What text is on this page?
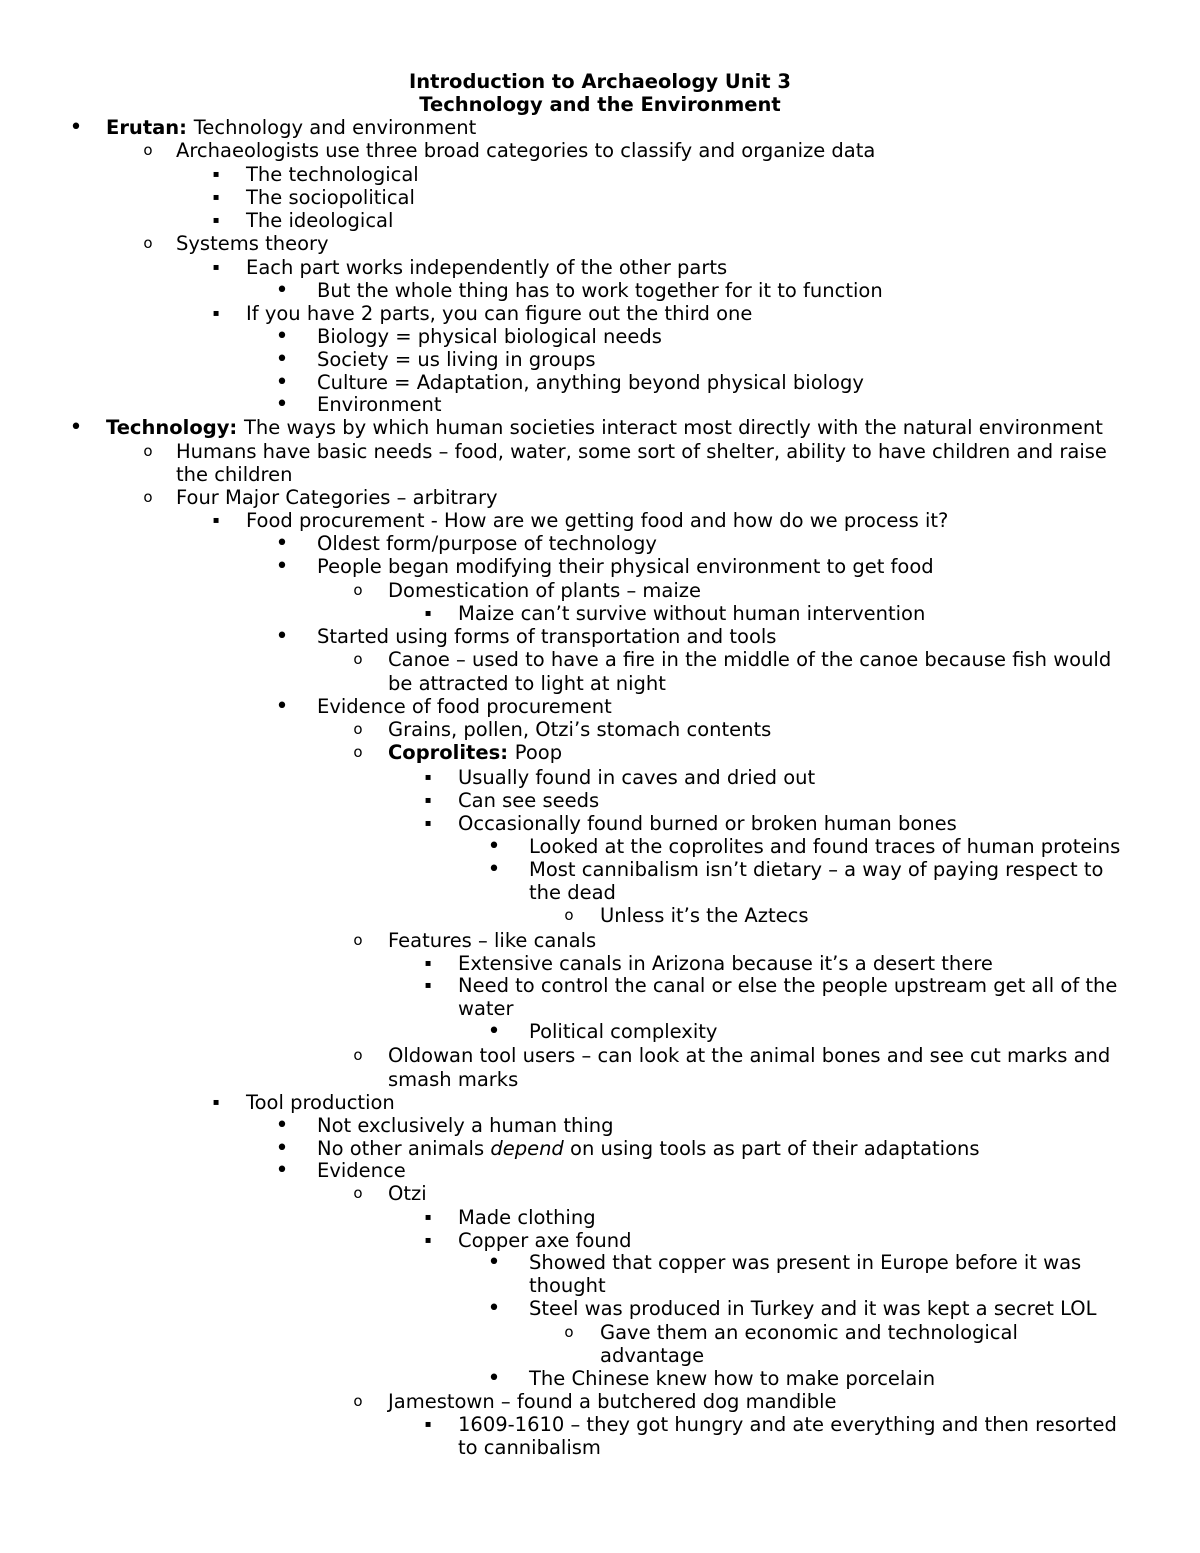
Introduction to Archaeology Unit 3
Technology and the Environment
• Erutan: Technology and environment
o Archaeologists use three broad categories to classify and organize data
▪	The technological
▪	The sociopolitical
▪	The ideological
o Systems theory
▪	Each part works independently of the other parts
• But the whole thing has to work together for it to function
▪	If you have 2 parts, you can figure out the third one
• Biology = physical biological needs
• Society = us living in groups
• Culture = Adaptation, anything beyond physical biology
• Environment
• Technology: The ways by which human societies interact most directly with the natural environment
o Humans have basic needs – food, water, some sort of shelter, ability to have children and raise
the children
o Four Major Categories – arbitrary
▪	Food procurement - How are we getting food and how do we process it?
• Oldest form/purpose of technology
• People began modifying their physical environment to get food
o Domestication of plants – maize
▪	Maize can’t survive without human intervention
• Started using forms of transportation and tools
o Canoe – used to have a fire in the middle of the canoe because fish would
be attracted to light at night
• Evidence of food procurement
o Grains, pollen, Otzi’s stomach contents
o Coprolites: Poop
▪	Usually found in caves and dried out
▪	Can see seeds
▪	Occasionally found burned or broken human bones
• Looked at the coprolites and found traces of human proteins
• Most cannibalism isn’t dietary – a way of paying respect to
the dead
o Unless it’s the Aztecs
o Features – like canals
▪	Extensive canals in Arizona because it’s a desert there
▪	Need to control the canal or else the people upstream get all of the
water
• Political complexity
o Oldowan tool users – can look at the animal bones and see cut marks and
smash marks
▪	Tool production
• Not exclusively a human thing
• No other animals depend on using tools as part of their adaptations
• Evidence
o Otzi
▪	Made clothing
▪	Copper axe found
• Showed that copper was present in Europe before it was
thought
• Steel was produced in Turkey and it was kept a secret LOL
o Gave them an economic and technological
advantage
• The Chinese knew how to make porcelain
o Jamestown – found a butchered dog mandible
▪	1609-1610 – they got hungry and ate everything and then resorted
to cannibalism
